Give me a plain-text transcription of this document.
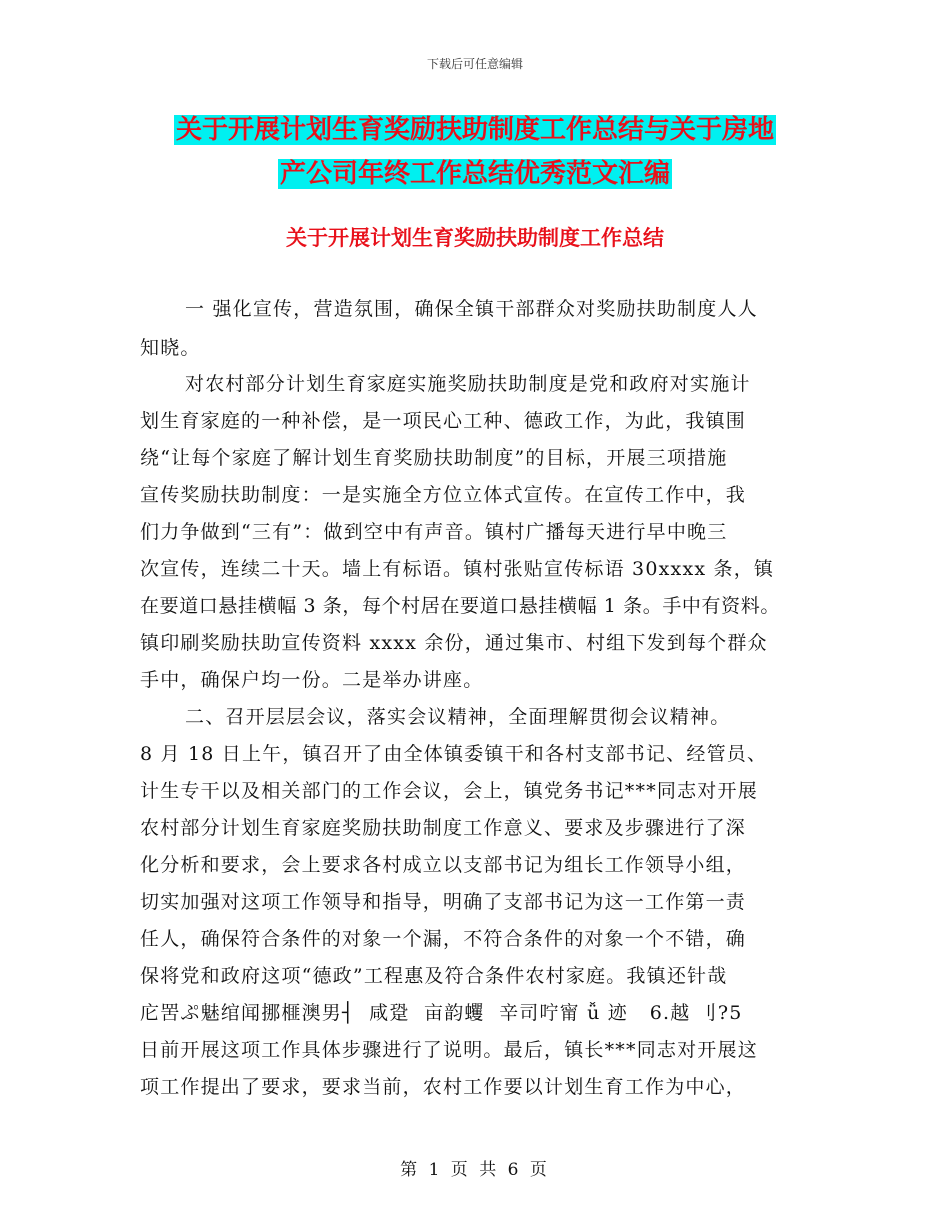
下载后可任意编辑
关于开展计划生育奖励扶助制度工作总结与关于房地
产公司年终工作总结优秀范文汇编
关于开展计划生育奖励扶助制度工作总结
一 强化宣传，营造氛围，确保全镇干部群众对奖励扶助制度人人
知晓。
对农村部分计划生育家庭实施奖励扶助制度是党和政府对实施计
划生育家庭的一种补偿，是一项民心工种、德政工作，为此，我镇围
绕“让每个家庭了解计划生育奖励扶助制度”的目标，开展三项措施
宣传奖励扶助制度：一是实施全方位立体式宣传。在宣传工作中，我
们力争做到“三有”：做到空中有声音。镇村广播每天进行早中晚三
次宣传，连续二十天。墙上有标语。镇村张贴宣传标语 30xxxx 条，镇
在要道口悬挂横幅 3 条，每个村居在要道口悬挂横幅 1 条。手中有资料。
镇印刷奖励扶助宣传资料 xxxx 余份，通过集市、村组下发到每个群众
手中，确保户均一份。二是举办讲座。
二、召开层层会议，落实会议精神，全面理解贯彻会议精神。
8 月 18 日上午，镇召开了由全体镇委镇干和各村支部书记、经管员、
计生专干以及相关部门的工作会议，会上，镇党务书记***同志对开展
农村部分计划生育家庭奖励扶助制度工作意义、要求及步骤进行了深
化分析和要求，会上要求各村成立以支部书记为组长工作领导小组，
切实加强对这项工作领导和指导，明确了支部书记为这一工作第一责
任人，确保符合条件的对象一个漏，不符合条件的对象一个不错，确
保将党和政府这项“德政”工程惠及符合条件农村家庭。我镇还针哉
庀罟ぷ魅绾闻挪榧澳男┤  咸跫  亩韵蠼  辛司咛甯 ǚ 迹   6.越 刂?5
日前开展这项工作具体步骤进行了说明。最后，镇长***同志对开展这
项工作提出了要求，要求当前，农村工作要以计划生育工作为中心，
第 1 页 共 6 页
